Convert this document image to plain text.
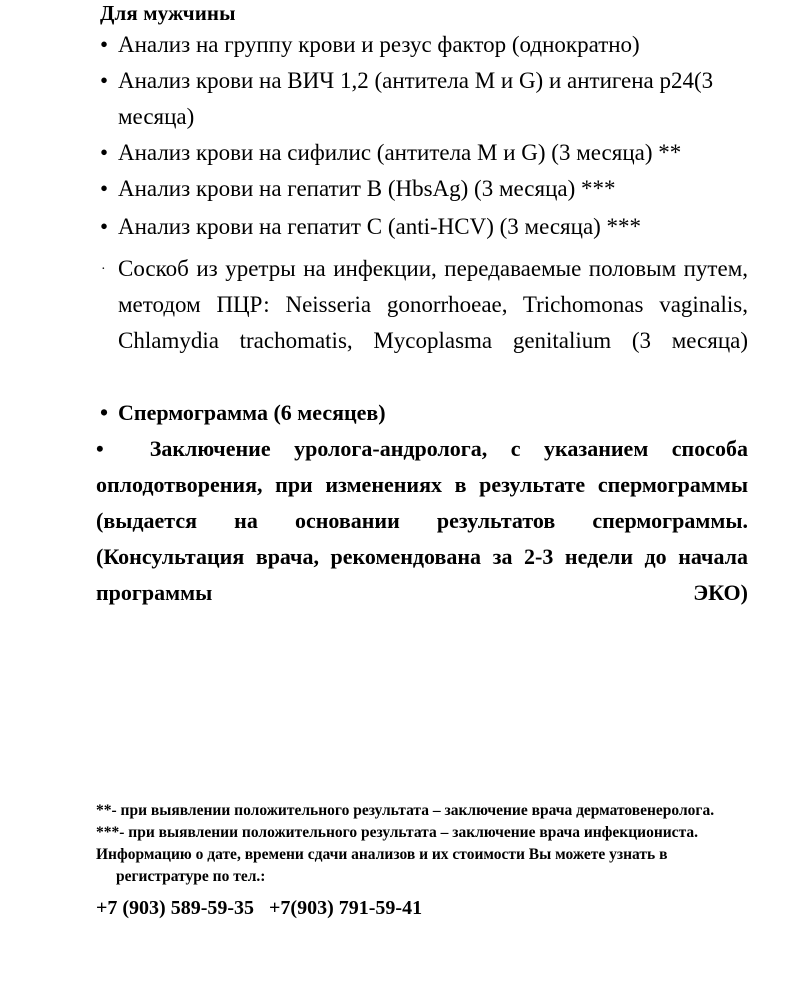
Для мужчины
• Анализ на группу крови и резус фактор (однократно)
• Анализ крови на ВИЧ 1,2 (антитела M и G) и антигена р24(3 месяца)
• Анализ крови на сифилис (антитела M и G) (3 месяца) **
• Анализ крови на гепатит В (HbsAg) (3 месяца) ***
• Анализ крови на гепатит С (anti-HCV) (3 месяца) ***
· Соскоб из уретры на инфекции, передаваемые половым путем, методом ПЦР: Neisseria gonorrhoeae, Trichomonas vaginalis, Chlamydia trachomatis, Mycoplasma genitalium (3 месяца)
• Спермограмма (6 месяцев)
• Заключение уролога-андролога, с указанием способа оплодотворения, при изменениях в результате спермограммы (выдается на основании результатов спермограммы. (Консультация врача, рекомендована за 2-3 недели до начала программы ЭКО)

**- при выявлении положительного результата – заключение врача дерматовенеролога.

***- при выявлении положительного результата – заключение врача инфекциониста.

Информацию о дате, времени сдачи анализов и их стоимости Вы можете узнать в регистратуре по тел.:

+7 (903) 589-59-35   +7(903) 791-59-41
